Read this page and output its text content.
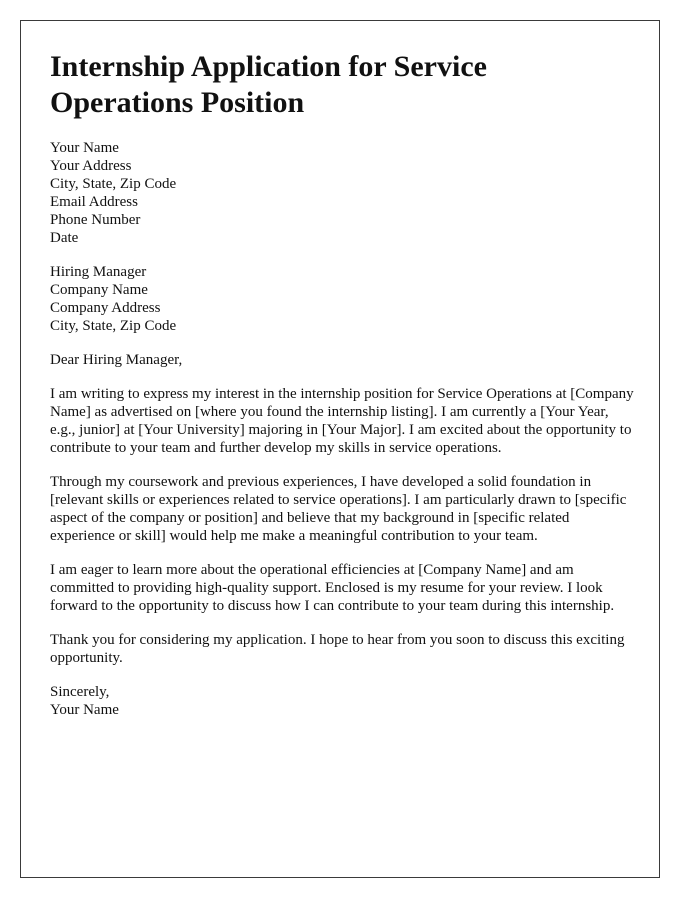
Internship Application for Service Operations Position
Your Name
Your Address
City, State, Zip Code
Email Address
Phone Number
Date
Hiring Manager
Company Name
Company Address
City, State, Zip Code

Dear Hiring Manager,

I am writing to express my interest in the internship position for Service Operations at [Company Name] as advertised on [where you found the internship listing]. I am currently a [Your Year, e.g., junior] at [Your University] majoring in [Your Major]. I am excited about the opportunity to contribute to your team and further develop my skills in service operations.

Through my coursework and previous experiences, I have developed a solid foundation in [relevant skills or experiences related to service operations]. I am particularly drawn to [specific aspect of the company or position] and believe that my background in [specific related experience or skill] would help me make a meaningful contribution to your team.

I am eager to learn more about the operational efficiencies at [Company Name] and am committed to providing high-quality support. Enclosed is my resume for your review. I look forward to the opportunity to discuss how I can contribute to your team during this internship.

Thank you for considering my application. I hope to hear from you soon to discuss this exciting opportunity.

Sincerely,
Your Name
